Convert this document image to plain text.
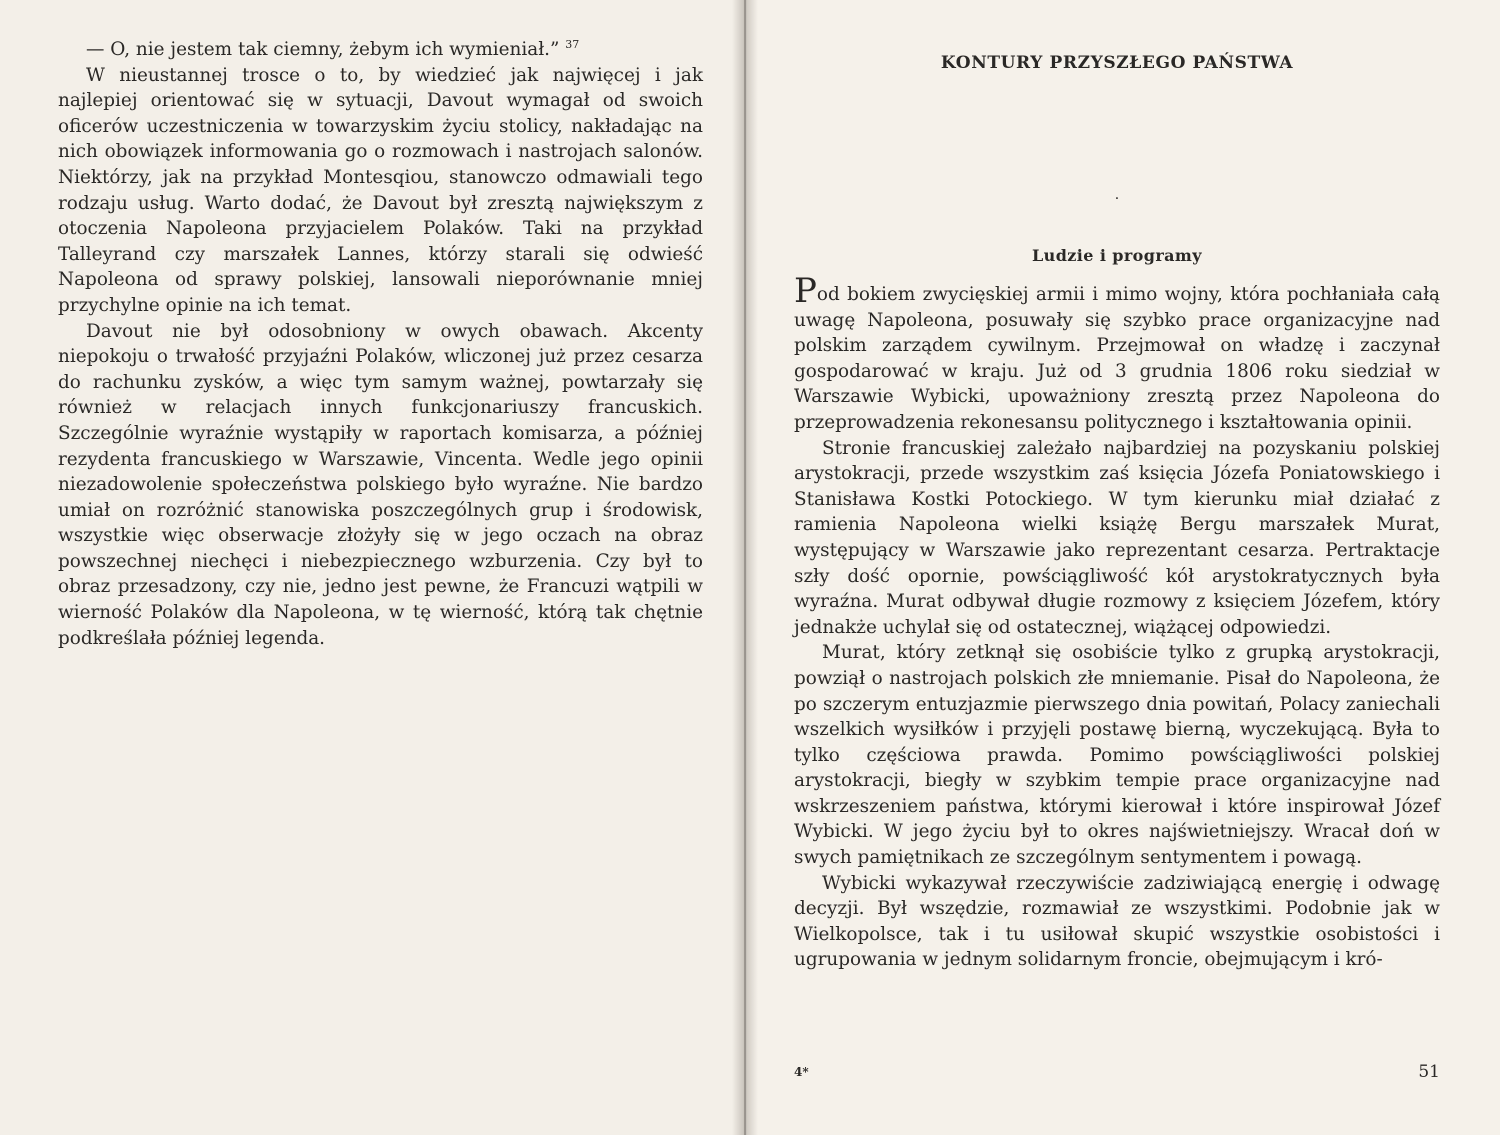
— O, nie jestem tak ciemny, żebym ich wymieniał.” $^{37}$

W nieustannej trosce o to, by wiedzieć jak najwięcej i jak najlepiej orientować się w sytuacji, Davout wymagał od swoich oficerów uczestniczenia w towarzyskim życiu stolicy, nakładając na nich obowiązek informowania go o rozmowach i nastrojach salonów. Niektórzy, jak na przykład Montesqiou, stanowczo odmawiali tego rodzaju usług. Warto dodać, że Davout był zresztą największym z otoczenia Napoleona przyjacielem Polaków. Taki na przykład Talleyrand czy marszałek Lannes, którzy starali się odwieść Napoleona od sprawy polskiej, lansowali nieporównanie mniej przychylne opinie na ich temat.

Davout nie był odosobniony w owych obawach. Akcenty niepokoju o trwałość przyjaźni Polaków, wliczonej już przez cesarza do rachunku zysków, a więc tym samym ważnej, powtarzały się również w relacjach innych funkcjonariuszy francuskich. Szczególnie wyraźnie wystąpiły w raportach komisarza, a później rezydenta francuskiego w Warszawie, Vincenta. Wedle jego opinii niezadowolenie społeczeństwa polskiego było wyraźne. Nie bardzo umiał on rozróżnić stanowiska poszczególnych grup i środowisk, wszystkie więc obserwacje złożyły się w jego oczach na obraz powszechnej niechęci i niebezpiecznego wzburzenia. Czy był to obraz przesadzony, czy nie, jedno jest pewne, że Francuzi wątpili w wierność Polaków dla Napoleona, w tę wierność, którą tak chętnie podkreślała później legenda.

KONTURY PRZYSZŁEGO PAŃSTWA
·
Ludzie i programy

Pod bokiem zwycięskiej armii i mimo wojny, która pochłaniała całą uwagę Napoleona, posuwały się szybko prace organizacyjne nad polskim zarządem cywilnym. Przejmował on władzę i zaczynał gospodarować w kraju. Już od 3 grudnia 1806 roku siedział w Warszawie Wybicki, upoważniony zresztą przez Napoleona do przeprowadzenia rekonesansu politycznego i kształtowania opinii.

Stronie francuskiej zależało najbardziej na pozyskaniu polskiej arystokracji, przede wszystkim zaś księcia Józefa Poniatowskiego i Stanisława Kostki Potockiego. W tym kierunku miał działać z ramienia Napoleona wielki książę Bergu marszałek Murat, występujący w Warszawie jako reprezentant cesarza. Pertraktacje szły dość opornie, powściągliwość kół arystokratycznych była wyraźna. Murat odbywał długie rozmowy z księciem Józefem, który jednakże uchylał się od ostatecznej, wiążącej odpowiedzi.

Murat, który zetknął się osobiście tylko z grupką arystokracji, powziął o nastrojach polskich złe mniemanie. Pisał do Napoleona, że po szczerym entuzjazmie pierwszego dnia powitań, Polacy zaniechali wszelkich wysiłków i przyjęli postawę bierną, wyczekującą. Była to tylko częściowa prawda. Pomimo powściągliwości polskiej arystokracji, biegły w szybkim tempie prace organizacyjne nad wskrzeszeniem państwa, którymi kierował i które inspirował Józef Wybicki. W jego życiu był to okres najświetniejszy. Wracał doń w swych pamiętnikach ze szczególnym sentymentem i powagą.

Wybicki wykazywał rzeczywiście zadziwiającą energię i odwagę decyzji. Był wszędzie, rozmawiał ze wszystkimi. Podobnie jak w Wielkopolsce, tak i tu usiłował skupić wszystkie osobistości i ugrupowania w jednym solidarnym froncie, obejmującym i kró-

4*	51
